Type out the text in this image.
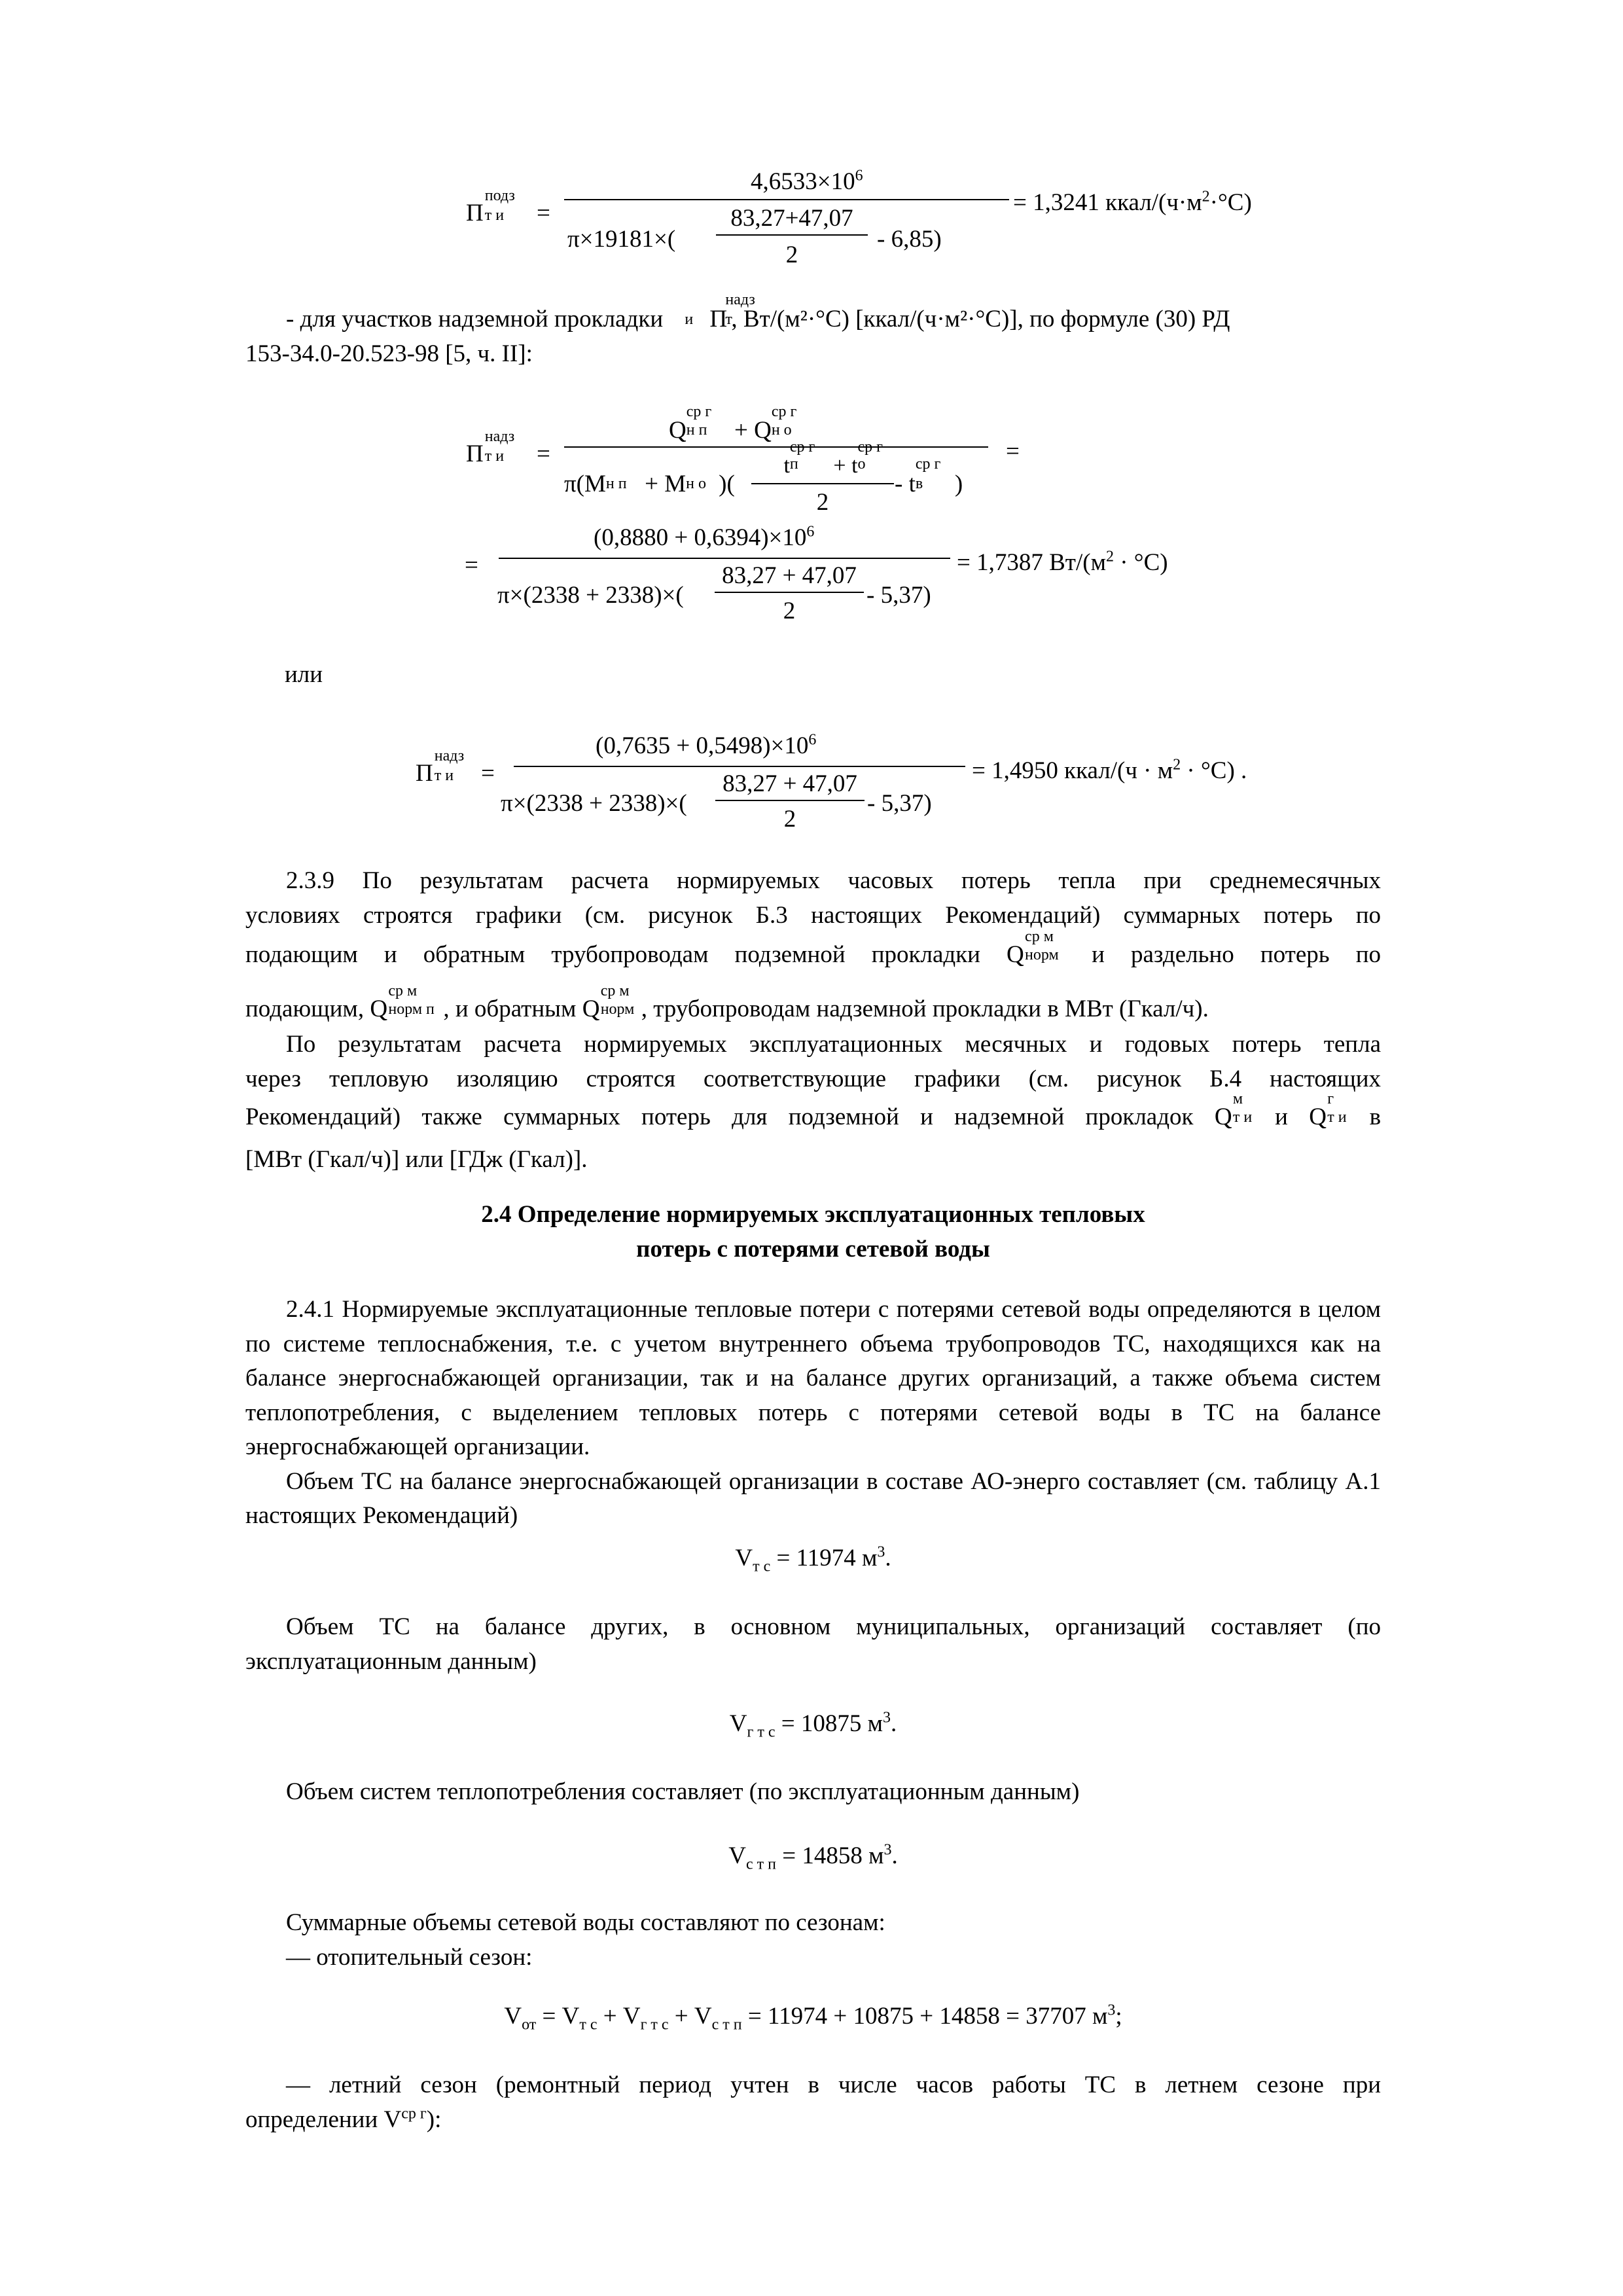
П
подз
т и =
$4,6533\times 10^6$
π×19181×(
83,27+47,07
2
- 6,85)
= 1,3241 ккал/$(ч\cdot м^2\cdot^\circ С)$

- для участков надземной прокладки П
надз
т и	, Вт/(м²·°С) [ккал/(ч·м²·°С)], по формуле (30) РД

153-34.0-20.523-98 [5, ч. II]:

П
надз
т и =
Q
ср г
н п + Q
ср г
н о
=
π(М н п + М н о )(
t
ср г
п + t
ср г
о
2
- t
ср г
в )
=
$(0,8880 + 0,6394)\times 10^6$
π×(2338 + 2338)×(
83,27 + 47,07
2
- 5,37)
= 1,7387 $Вт/(м^2 \cdot ^\circ С)$
или
П
надз
т и =
$(0,7635 + 0,5498)\times 10^6$
π×(2338 + 2338)×(
83,27 + 47,07
2
- 5,37)
= 1,4950 ккал/(ч · $м^2 \cdot ^\circ С$) .

2.3.9 По результатам расчета нормируемых часовых потерь тепла при среднемесячных

условиях строятся графики (см. рисунок Б.3 настоящих Рекомендаций) суммарных потерь по

подающим и обратным трубопроводам подземной прокладки Q
ср м
норм и раздельно потерь по

подающим, Q
ср м
норм п , и обратным Q
ср м
норм , трубопроводам надземной прокладки в МВт (Гкал/ч).

По результатам расчета нормируемых эксплуатационных месячных и годовых потерь тепла

через тепловую изоляцию строятся соответствующие графики (см. рисунок Б.4 настоящих

Рекомендаций) также суммарных потерь для подземной и надземной прокладок Q
м
т и и Q
г
т и в

[МВт (Гкал/ч)] или [ГДж (Гкал)].

2.4 Определение нормируемых эксплуатационных тепловых
потерь с потерями сетевой воды

2.4.1 Нормируемые эксплуатационные тепловые потери с потерями сетевой воды определяются в целом по системе теплоснабжения, т.е. с учетом внутреннего объема трубопроводов ТС, находящихся как на балансе энергоснабжающей организации, так и на балансе других организаций, а также объема систем теплопотребления, с выделением тепловых потерь с потерями сетевой воды в ТС на балансе энергоснабжающей организации.

Объем ТС на балансе энергоснабжающей организации в составе АО-энерго составляет (см. таблицу А.1 настоящих Рекомендаций)

$V_{т с} = 11974$ $м^3$.

Объем ТС на балансе других, в основном муниципальных, организаций составляет (по эксплуатационным данным)

$V_{г т с} = 10875$ $м^3$.

Объем систем теплопотребления составляет (по эксплуатационным данным)

$V_{с т п} = 14858$ $м^3$.

Суммарные объемы сетевой воды составляют по сезонам:

— отопительный сезон:

$V_{от} = V_{т с} + V_{г т с} + V_{с т п} = 11974 + 10875 + 14858 = 37707$ $м^3$;

— летний сезон (ремонтный период учтен в числе часов работы ТС в летнем сезоне при

определении $V^{ср г}$):
